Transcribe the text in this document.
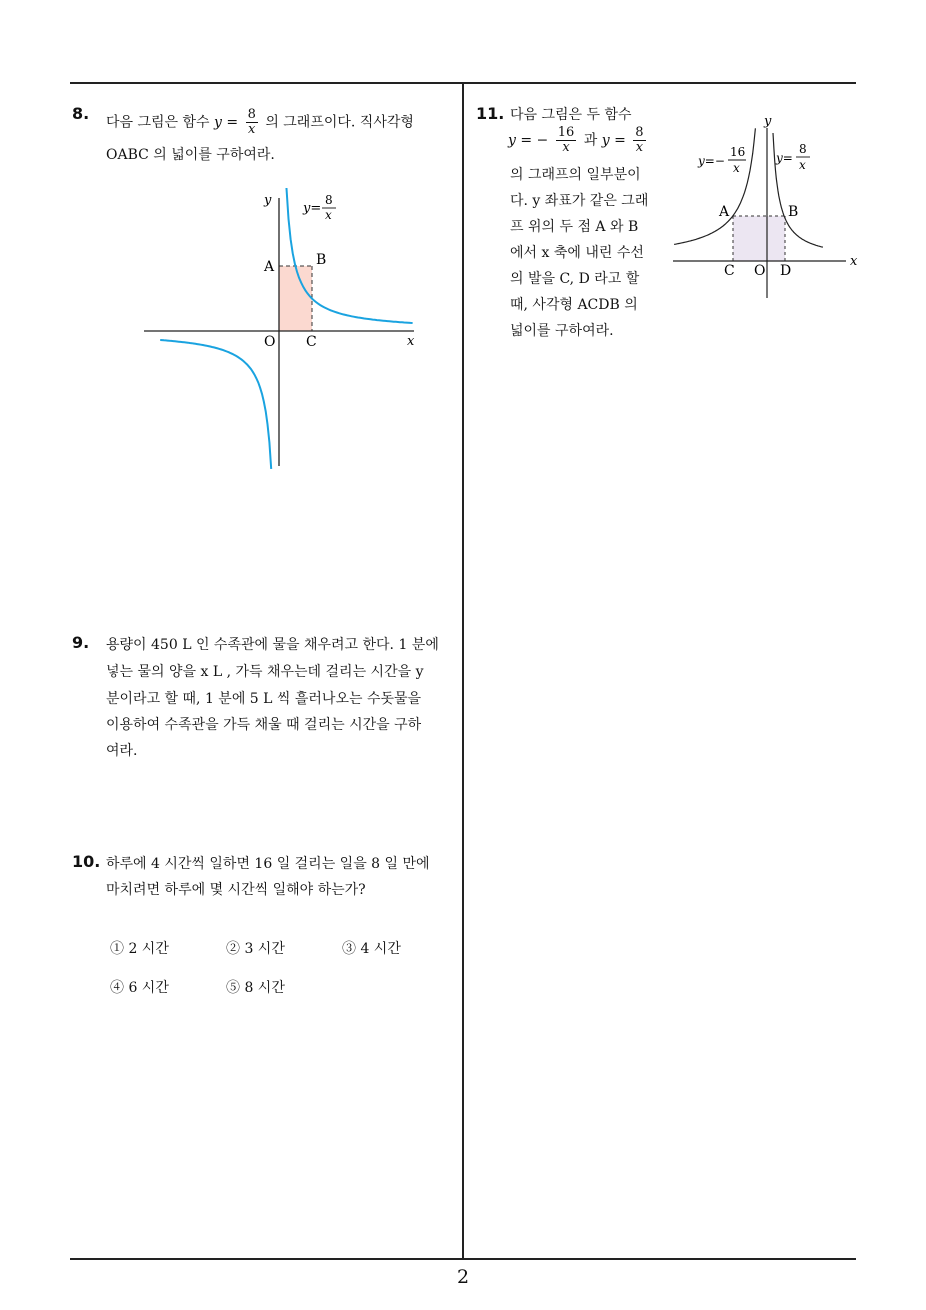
8. 다음 그림은 함수 $y = \frac{8}{x}$ 의 그래프이다. 직사각형
OABC 의 넓이를 구하여라.
y
x
O
A	B
C
y=
8
x
9. 용량이 450 L 인 수족관에 물을 채우려고 한다. 1 분에
넣는 물의 양을 x L , 가득 채우는데 걸리는 시간을 y
분이라고 할 때, 1 분에 5 L 씩 흘러나오는 수돗물을
이용하여 수족관을 가득 채울 때 걸리는 시간을 구하
여라.
10. 하루에 4 시간씩 일하면 16 일 걸리는 일을 8 일 만에
마치려면 하루에 몇 시간씩 일해야 하는가?
① 2 시간	② 3 시간	③ 4 시간
④ 6 시간	⑤ 8 시간
11. 다음 그림은 두 함수
y = − $\frac{16}{x}$ 과 $y = \frac{8}{x}$
의 그래프의 일부분이
다. y 좌표가 같은 그래
프 위의 두 점 A 와 B
에서 x 축에 내린 수선
의 발을 C, D 라고 할
때, 사각형 ACDB 의
넓이를 구하여라.
y
x
O
A	B
C	D
y=−
16
x
y=
8
x
2
